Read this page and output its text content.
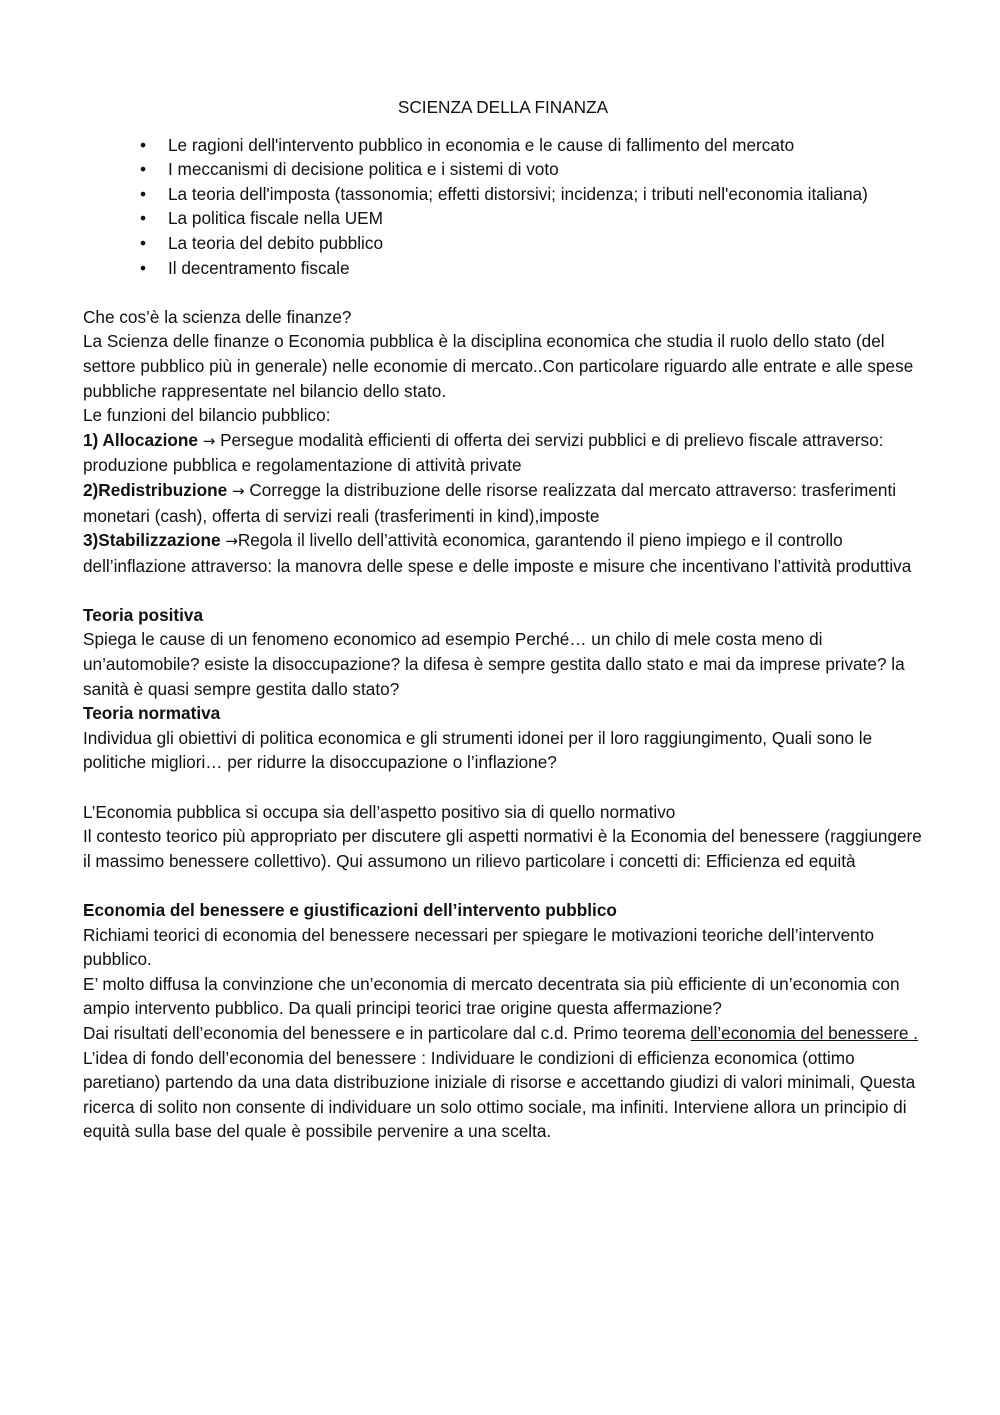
SCIENZA DELLA FINANZA

• Le ragioni dell'intervento pubblico in economia e le cause di fallimento del mercato
• I meccanismi di decisione politica e i sistemi di voto
• La teoria dell'imposta (tassonomia; effetti distorsivi; incidenza; i tributi nell'economia italiana)
• La politica fiscale nella UEM
• La teoria del debito pubblico
• Il decentramento fiscale

Che cos’è la scienza delle finanze?

La Scienza delle finanze o Economia pubblica è la disciplina economica che studia il ruolo dello stato (del settore pubblico più in generale) nelle economie di mercato..Con particolare riguardo alle entrate e alle spese pubbliche rappresentate nel bilancio dello stato.

Le funzioni del bilancio pubblico:

1) Allocazione → Persegue modalità efficienti di offerta dei servizi pubblici e di prelievo fiscale attraverso: produzione pubblica e regolamentazione di attività private

2)Redistribuzione → Corregge la distribuzione delle risorse realizzata dal mercato attraverso: trasferimenti monetari (cash), offerta di servizi reali (trasferimenti in kind),imposte

3)Stabilizzazione →Regola il livello dell’attività economica, garantendo il pieno impiego e il controllo dell’inflazione attraverso: la manovra delle spese e delle imposte e misure che incentivano l’attività produttiva

Teoria positiva

Spiega le cause di un fenomeno economico ad esempio Perché… un chilo di mele costa meno di un’automobile? esiste la disoccupazione? la difesa è sempre gestita dallo stato e mai da imprese private? la sanità è quasi sempre gestita dallo stato?

Teoria normativa

Individua gli obiettivi di politica economica e gli strumenti idonei per il loro raggiungimento, Quali sono le politiche migliori… per ridurre la disoccupazione o l’inflazione?

L’Economia pubblica si occupa sia dell’aspetto positivo sia di quello normativo

Il contesto teorico più appropriato per discutere gli aspetti normativi è la Economia del benessere (raggiungere il massimo benessere collettivo). Qui assumono un rilievo particolare i concetti di: Efficienza ed equità

Economia del benessere e giustificazioni dell’intervento pubblico

Richiami teorici di economia del benessere necessari per spiegare le motivazioni teoriche dell’intervento pubblico.

E’ molto diffusa la convinzione che un’economia di mercato decentrata sia più efficiente di un’economia con ampio intervento pubblico. Da quali principi teorici trae origine questa affermazione?

Dai risultati dell’economia del benessere e in particolare dal c.d. Primo teorema dell’economia del benessere . L’idea di fondo dell’economia del benessere : Individuare le condizioni di efficienza economica (ottimo paretiano) partendo da una data distribuzione iniziale di risorse e accettando giudizi di valori minimali, Questa ricerca di solito non consente di individuare un solo ottimo sociale, ma infiniti. Interviene allora un principio di equità sulla base del quale è possibile pervenire a una scelta.
